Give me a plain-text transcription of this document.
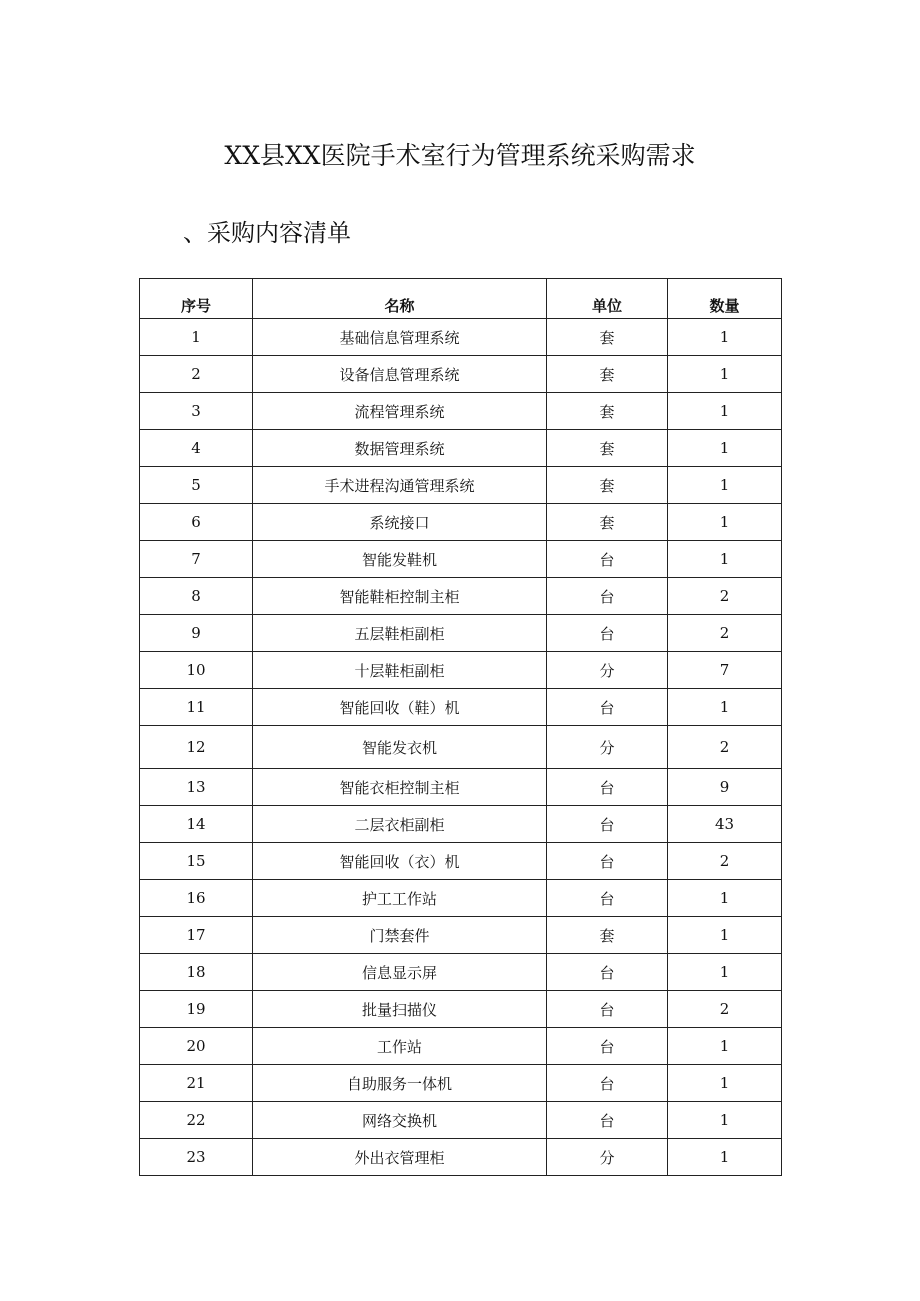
XX县XX医院手术室行为管理系统采购需求
、采购内容清单
序号	名称	单位	数量
1	基础信息管理系统	套	1
2	设备信息管理系统	套	1
3	流程管理系统	套	1
4	数据管理系统	套	1
5	手术进程沟通管理系统	套	1
6	系统接口	套	1
7	智能发鞋机	台	1
8	智能鞋柜控制主柜	台	2
9	五层鞋柜副柜	台	2
10	十层鞋柜副柜	分	7
11	智能回收（鞋）机	台	1
12	智能发衣机	分	2
13	智能衣柜控制主柜	台	9
14	二层衣柜副柜	台	43
15	智能回收（衣）机	台	2
16	护工工作站	台	1
17	门禁套件	套	1
18	信息显示屏	台	1
19	批量扫描仪	台	2
20	工作站	台	1
21	自助服务一体机	台	1
22	网络交换机	台	1
23	外出衣管理柜	分	1
